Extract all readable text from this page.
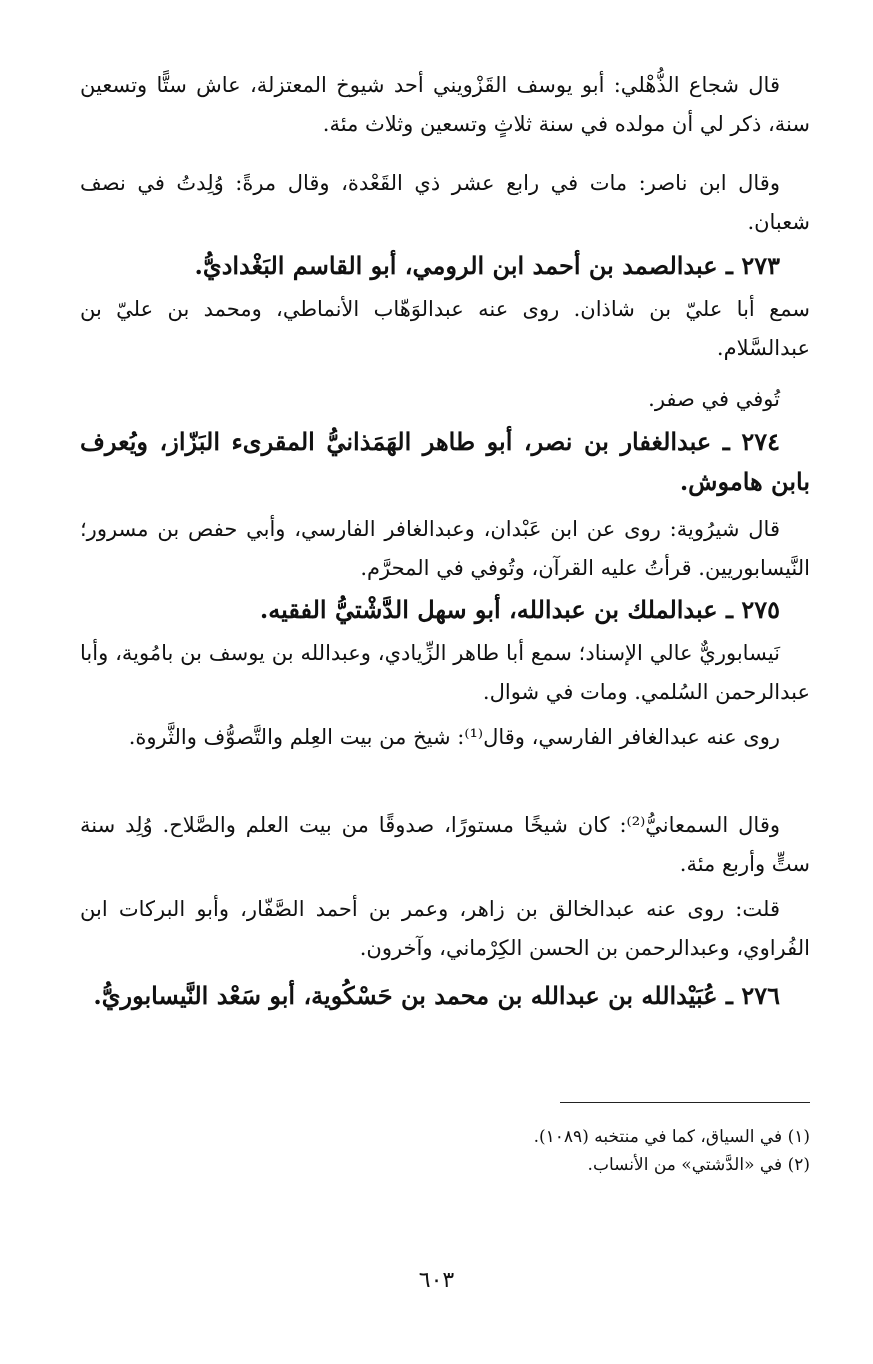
قال شجاع الذُّهْلي: أبو يوسف القَزْويني أحد شيوخ المعتزلة، عاش ستًّا وتسعين سنة، ذكر لي أن مولده في سنة ثلاثٍ وتسعين وثلاث مئة.

وقال ابن ناصر: مات في رابع عشر ذي القَعْدة، وقال مرةً: وُلِدتُ في نصف شعبان.

٢٧٣ ـ عبدالصمد بن أحمد ابن الرومي، أبو القاسم البَغْداديُّ.

سمع أبا عليّ بن شاذان. روى عنه عبدالوَهّاب الأنماطي، ومحمد بن عليّ بن عبدالسَّلام.

تُوفي في صفر.

٢٧٤ ـ عبدالغفار بن نصر، أبو طاهر الهَمَذانيُّ المقرىء البَزّاز، ويُعرف بابن هاموش.

قال شيرُوية: روى عن ابن عَبْدان، وعبدالغافر الفارسي، وأبي حفص بن مسرور؛ النَّيسابوريين. قرأتُ عليه القرآن، وتُوفي في المحرَّم.

٢٧٥ ـ عبدالملك بن عبدالله، أبو سهل الدَّشْتيُّ الفقيه.

نَيسابوريٌّ عالي الإسناد؛ سمع أبا طاهر الزِّيادي، وعبدالله بن يوسف بن بامُوية، وأبا عبدالرحمن السُلمي. ومات في شوال.

روى عنه عبدالغافر الفارسي، وقال⁽¹⁾: شيخ من بيت العِلم والتَّصوُّف والثَّروة.

وقال السمعانيُّ⁽²⁾: كان شيخًا مستورًا، صدوقًا من بيت العلم والصَّلاح. وُلِد سنة ستٍّ وأربع مئة.

قلت: روى عنه عبدالخالق بن زاهر، وعمر بن أحمد الصَّفّار، وأبو البركات ابن الفُراوي، وعبدالرحمن بن الحسن الكِرْماني، وآخرون.

٢٧٦ ـ عُبَيْدالله بن عبدالله بن محمد بن حَسْكُوية، أبو سَعْد النَّيسابوريُّ.

(١) في السياق، كما في منتخبه (١٠٨٩).

(٢) في «الدَّشتي» من الأنساب.

٦٠٣
